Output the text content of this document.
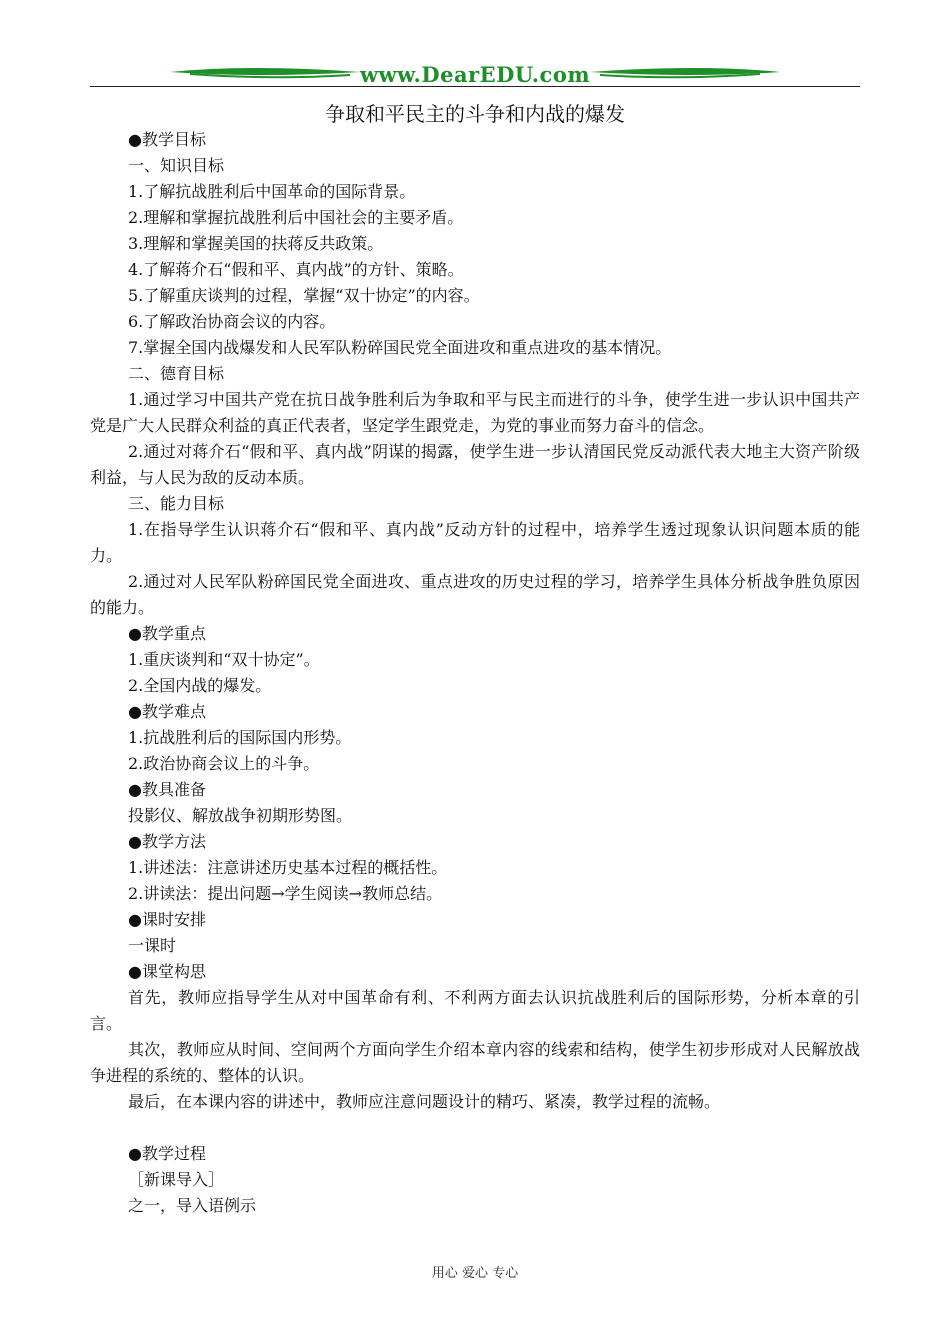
www.DearEDU.com
争取和平民主的斗争和内战的爆发
●教学目标
一、知识目标
1.了解抗战胜利后中国革命的国际背景。
2.理解和掌握抗战胜利后中国社会的主要矛盾。
3.理解和掌握美国的扶蒋反共政策。
4.了解蒋介石“假和平、真内战”的方针、策略。
5.了解重庆谈判的过程，掌握“双十协定”的内容。
6.了解政治协商会议的内容。
7.掌握全国内战爆发和人民军队粉碎国民党全面进攻和重点进攻的基本情况。
二、德育目标
1.通过学习中国共产党在抗日战争胜利后为争取和平与民主而进行的斗争，使学生进一步认识中国共产党是广大人民群众利益的真正代表者，坚定学生跟党走，为党的事业而努力奋斗的信念。
2.通过对蒋介石“假和平、真内战”阴谋的揭露，使学生进一步认清国民党反动派代表大地主大资产阶级利益，与人民为敌的反动本质。
三、能力目标
1.在指导学生认识蒋介石“假和平、真内战”反动方针的过程中，培养学生透过现象认识问题本质的能力。
2.通过对人民军队粉碎国民党全面进攻、重点进攻的历史过程的学习，培养学生具体分析战争胜负原因的能力。
●教学重点
1.重庆谈判和“双十协定”。
2.全国内战的爆发。
●教学难点
1.抗战胜利后的国际国内形势。
2.政治协商会议上的斗争。
●教具准备
投影仪、解放战争初期形势图。
●教学方法
1.讲述法：注意讲述历史基本过程的概括性。
2.讲读法：提出问题→学生阅读→教师总结。
●课时安排
一课时
●课堂构思
首先，教师应指导学生从对中国革命有利、不利两方面去认识抗战胜利后的国际形势，分析本章的引言。
其次，教师应从时间、空间两个方面向学生介绍本章内容的线索和结构，使学生初步形成对人民解放战争进程的系统的、整体的认识。
最后，在本课内容的讲述中，教师应注意问题设计的精巧、紧凑，教学过程的流畅。
●教学过程
［新课导入］
之一，导入语例示
用心 爱心 专心
